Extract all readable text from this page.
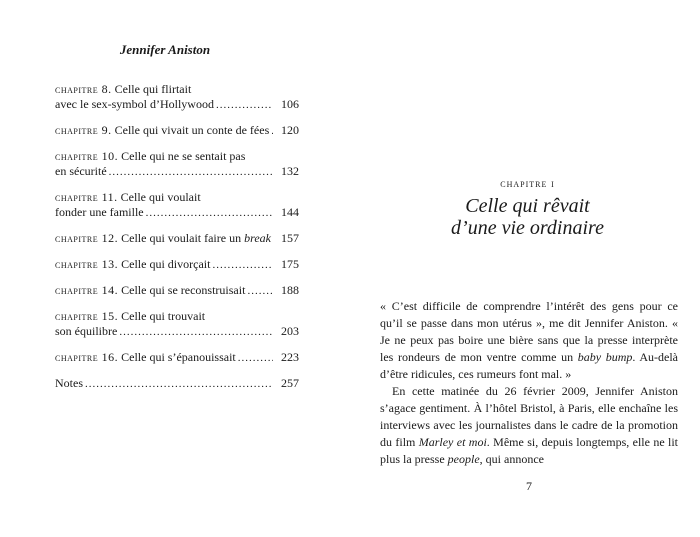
Jennifer Aniston
chapitre 8. Celle qui flirtait
avec le sex-symbol d’Hollywood .....	106
chapitre 9. Celle qui vivait un conte de fées ..... 120
chapitre 10. Celle qui ne se sentait pas
en sécurité .....	132
chapitre 11. Celle qui voulait
fonder une famille .....	144
chapitre 12. Celle qui voulait faire un break ..... 157
chapitre 13. Celle qui divorçait .....	175
chapitre 14. Celle qui se reconstruisait .....	188
chapitre 15. Celle qui trouvait
son équilibre .....	203
chapitre 16. Celle qui s’épanouissait .....	223
Notes .....	257
chapitre i
Celle qui rêvait
d’une vie ordinaire

« C’est difficile de comprendre l’intérêt des gens pour ce qu’il se passe dans mon utérus », me dit Jennifer Aniston. « Je ne peux pas boire une bière sans que la presse interprète les rondeurs de mon ventre comme un baby bump. Au-delà d’être ridicules, ces rumeurs font mal. »

En cette matinée du 26 février 2009, Jennifer Aniston s’agace gentiment. À l’hôtel Bristol, à Paris, elle enchaîne les interviews avec les journalistes dans le cadre de la promotion du film Marley et moi. Même si, depuis longtemps, elle ne lit plus la presse people, qui annonce

7
